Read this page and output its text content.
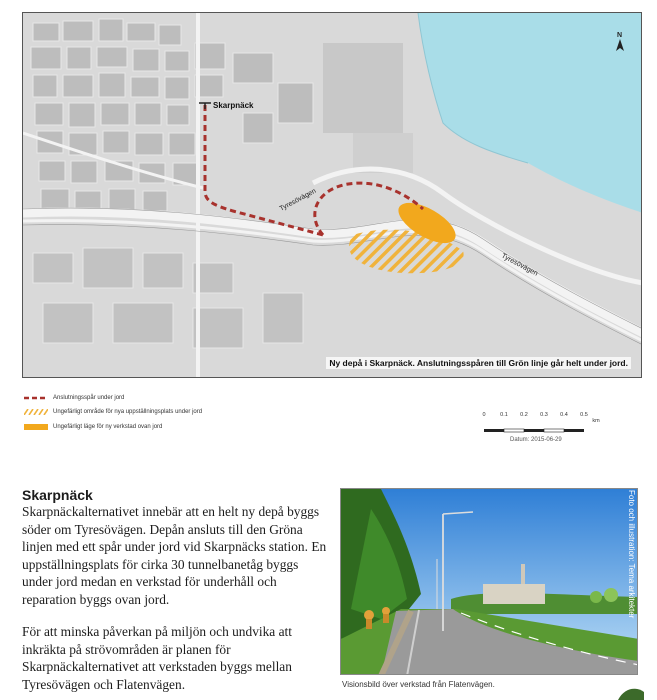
Skarpnäck
Tyresövägen
Tyresövägen
N
Ny depå i Skarpnäck. Anslutningsspåren till Grön linje går helt under jord.
Anslutningsspår under jord
Ungefärligt område för nya uppställningsplats under jord
Ungefärligt läge för ny verkstad ovan jord
0	0.1 0.2 0.3 0.4 0.5
km
Datum: 2015-06-29
Skarpnäck
Skarpnäckalternativet innebär att en helt ny depå byggs söder om Tyresövägen. Depån ansluts till den Gröna linjen med ett spår under jord vid Skarpnäcks station. En uppställningsplats för cirka 30 tunnelbanetåg byggs under jord medan en verkstad för underhåll och reparation byggs ovan jord.
För att minska påverkan på miljön och undvika att inkräkta på strövområden är planen för Skarpnäckalternativet att verkstaden byggs mellan Tyresövägen och Flatenvägen.
Foto och illustration: Tema arkitekter
Visionsbild över verkstad från Flatenvägen.
